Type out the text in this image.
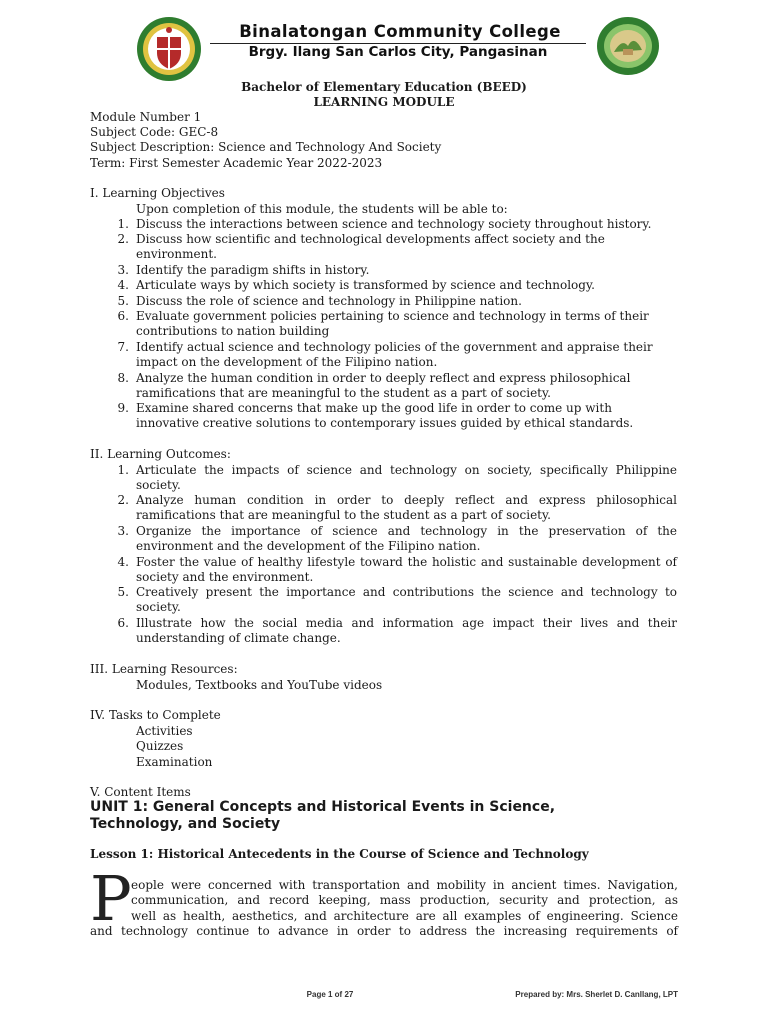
Binalatongan Community College
Brgy. Ilang San Carlos City, Pangasinan
Bachelor of Elementary Education (BEED)
LEARNING MODULE
Module Number 1
Subject Code: GEC-8
Subject Description: Science and Technology And Society
Term: First Semester Academic Year 2022-2023
I. Learning Objectives
Upon completion of this module, the students will be able to:
1. Discuss the interactions between science and technology society throughout history.
2. Discuss how scientific and technological developments affect society and the environment.
3. Identify the paradigm shifts in history.
4. Articulate ways by which society is transformed by science and technology.
5. Discuss the role of science and technology in Philippine nation.
6. Evaluate government policies pertaining to science and technology in terms of their contributions to nation building
7. Identify actual science and technology policies of the government and appraise their impact on the development of the Filipino nation.
8. Analyze the human condition in order to deeply reflect and express philosophical ramifications that are meaningful to the student as a part of society.
9. Examine shared concerns that make up the good life in order to come up with innovative creative solutions to contemporary issues guided by ethical standards.
II. Learning Outcomes:
1. Articulate the impacts of science and technology on society, specifically Philippine society.
2. Analyze human condition in order to deeply reflect and express philosophical ramifications that are meaningful to the student as a part of society.
3. Organize the importance of science and technology in the preservation of the environment and the development of the Filipino nation.
4. Foster the value of healthy lifestyle toward the holistic and sustainable development of society and the environment.
5. Creatively present the importance and contributions the science and technology to society.
6. Illustrate how the social media and information age impact their lives and their understanding of climate change.
III. Learning Resources:
Modules, Textbooks and YouTube videos
IV. Tasks to Complete
Activities
Quizzes
Examination
V. Content Items
UNIT 1: General Concepts and Historical Events in Science, Technology, and Society
Lesson 1: Historical Antecedents in the Course of Science and Technology
P eople were concerned with transportation and mobility in ancient times. Navigation,
communication, and record keeping, mass production, security and protection, as
well as health, aesthetics, and architecture are all examples of engineering. Science
and technology continue to advance in order to address the increasing requirements of
Page 1 of 27	Prepared by: Mrs. Sherlet D. Canllang, LPT
